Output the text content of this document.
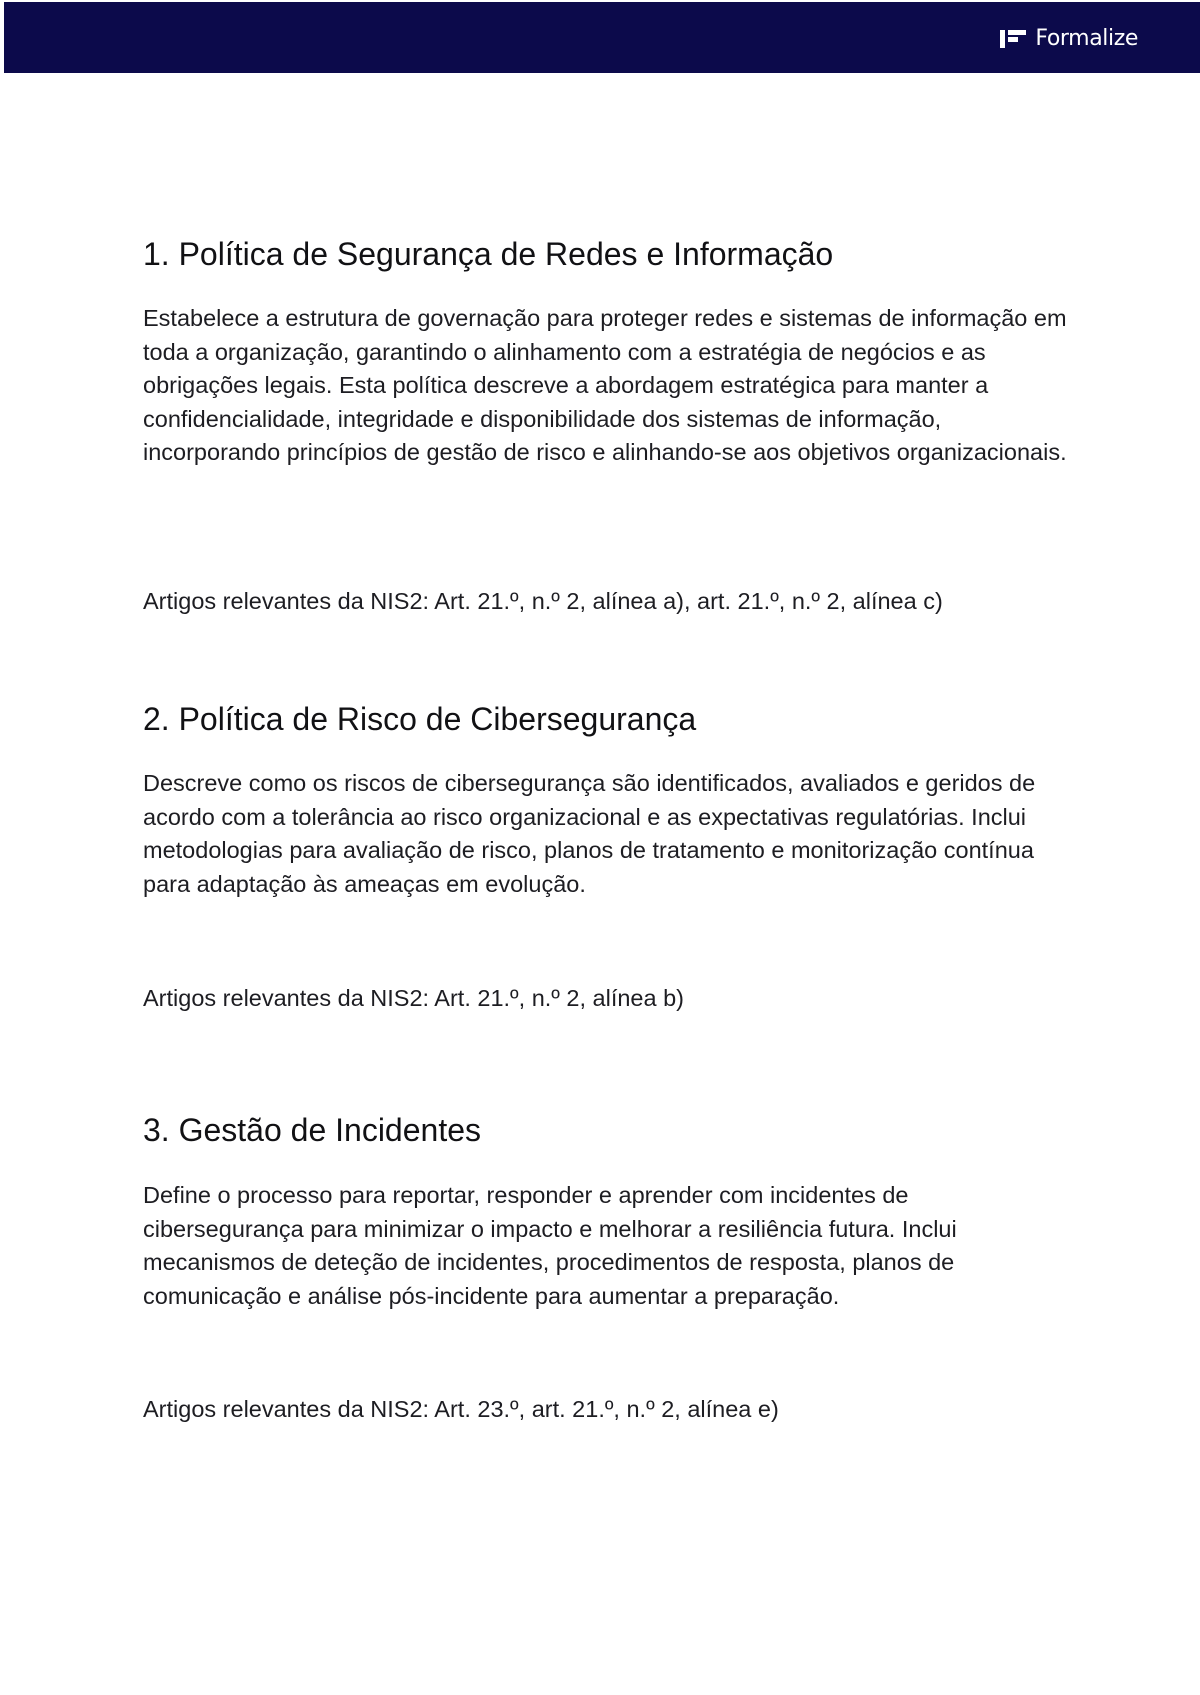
Formalize
1. Política de Segurança de Redes e Informação

Estabelece a estrutura de governação para proteger redes e sistemas de informação em toda a organização, garantindo o alinhamento com a estratégia de negócios e as obrigações legais. Esta política descreve a abordagem estratégica para manter a confidencialidade, integridade e disponibilidade dos sistemas de informação, incorporando princípios de gestão de risco e alinhando-se aos objetivos organizacionais.

Artigos relevantes da NIS2: Art. 21.º, n.º 2, alínea a), art. 21.º, n.º 2, alínea c)

2. Política de Risco de Cibersegurança

Descreve como os riscos de cibersegurança são identificados, avaliados e geridos de acordo com a tolerância ao risco organizacional e as expectativas regulatórias. Inclui metodologias para avaliação de risco, planos de tratamento e monitorização contínua para adaptação às ameaças em evolução.

Artigos relevantes da NIS2: Art. 21.º, n.º 2, alínea b)

3. Gestão de Incidentes

Define o processo para reportar, responder e aprender com incidentes de cibersegurança para minimizar o impacto e melhorar a resiliência futura. Inclui mecanismos de deteção de incidentes, procedimentos de resposta, planos de comunicação e análise pós-incidente para aumentar a preparação.

Artigos relevantes da NIS2: Art. 23.º, art. 21.º, n.º 2, alínea e)
